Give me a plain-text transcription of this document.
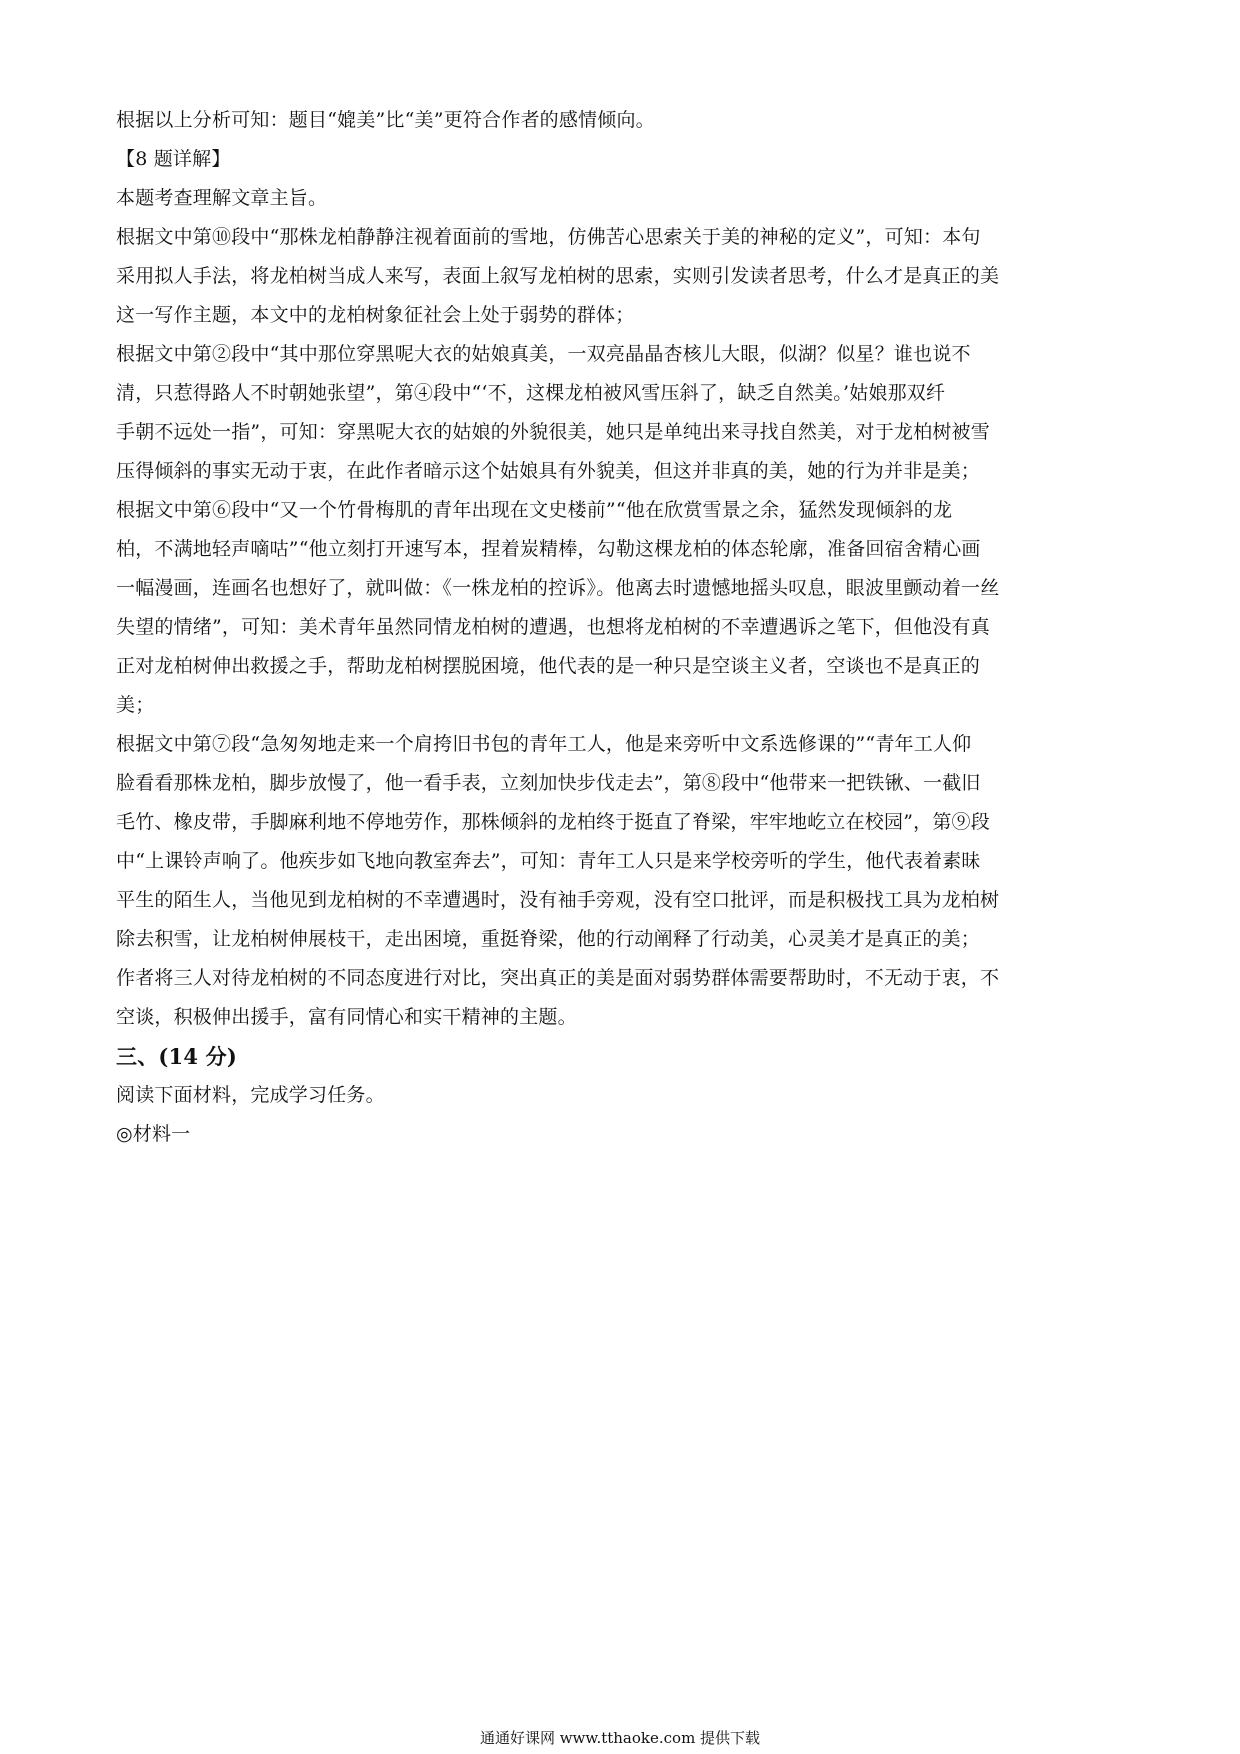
根据以上分析可知：题目“媲美”比“美”更符合作者的感情倾向。
【8 题详解】
本题考查理解文章主旨。
根据文中第⑩段中“那株龙柏静静注视着面前的雪地，仿佛苦心思索关于美的神秘的定义”，可知：本句
采用拟人手法，将龙柏树当成人来写，表面上叙写龙柏树的思索，实则引发读者思考，什么才是真正的美
这一写作主题，本文中的龙柏树象征社会上处于弱势的群体；
根据文中第②段中“其中那位穿黑呢大衣的姑娘真美，一双亮晶晶杏核儿大眼，似湖？似星？谁也说不
清，只惹得路人不时朝她张望”，第④段中“‘不，这棵龙柏被风雪压斜了，缺乏自然美。’姑娘那双纤
手朝不远处一指”，可知：穿黑呢大衣的姑娘的外貌很美，她只是单纯出来寻找自然美，对于龙柏树被雪
压得倾斜的事实无动于衷，在此作者暗示这个姑娘具有外貌美，但这并非真的美，她的行为并非是美；
根据文中第⑥段中“又一个竹骨梅肌的青年出现在文史楼前”“他在欣赏雪景之余，猛然发现倾斜的龙
柏，不满地轻声嘀咕”“他立刻打开速写本，捏着炭精棒，勾勒这棵龙柏的体态轮廓，准备回宿舍精心画
一幅漫画，连画名也想好了，就叫做：《一株龙柏的控诉》。他离去时遗憾地摇头叹息，眼波里颤动着一丝
失望的情绪”，可知：美术青年虽然同情龙柏树的遭遇，也想将龙柏树的不幸遭遇诉之笔下，但他没有真
正对龙柏树伸出救援之手，帮助龙柏树摆脱困境，他代表的是一种只是空谈主义者，空谈也不是真正的
美；
根据文中第⑦段“急匆匆地走来一个肩挎旧书包的青年工人，他是来旁听中文系选修课的”“青年工人仰
脸看看那株龙柏，脚步放慢了，他一看手表，立刻加快步伐走去”，第⑧段中“他带来一把铁锹、一截旧
毛竹、橡皮带，手脚麻利地不停地劳作，那株倾斜的龙柏终于挺直了脊梁，牢牢地屹立在校园”，第⑨段
中“上课铃声响了。他疾步如飞地向教室奔去”，可知：青年工人只是来学校旁听的学生，他代表着素昧
平生的陌生人，当他见到龙柏树的不幸遭遇时，没有袖手旁观，没有空口批评，而是积极找工具为龙柏树
除去积雪，让龙柏树伸展枝干，走出困境，重挺脊梁，他的行动阐释了行动美，心灵美才是真正的美；
作者将三人对待龙柏树的不同态度进行对比，突出真正的美是面对弱势群体需要帮助时，不无动于衷，不
空谈，积极伸出援手，富有同情心和实干精神的主题。
三、(14 分)
阅读下面材料，完成学习任务。
◎材料一
通通好课网 www.tthaoke.com 提供下载
